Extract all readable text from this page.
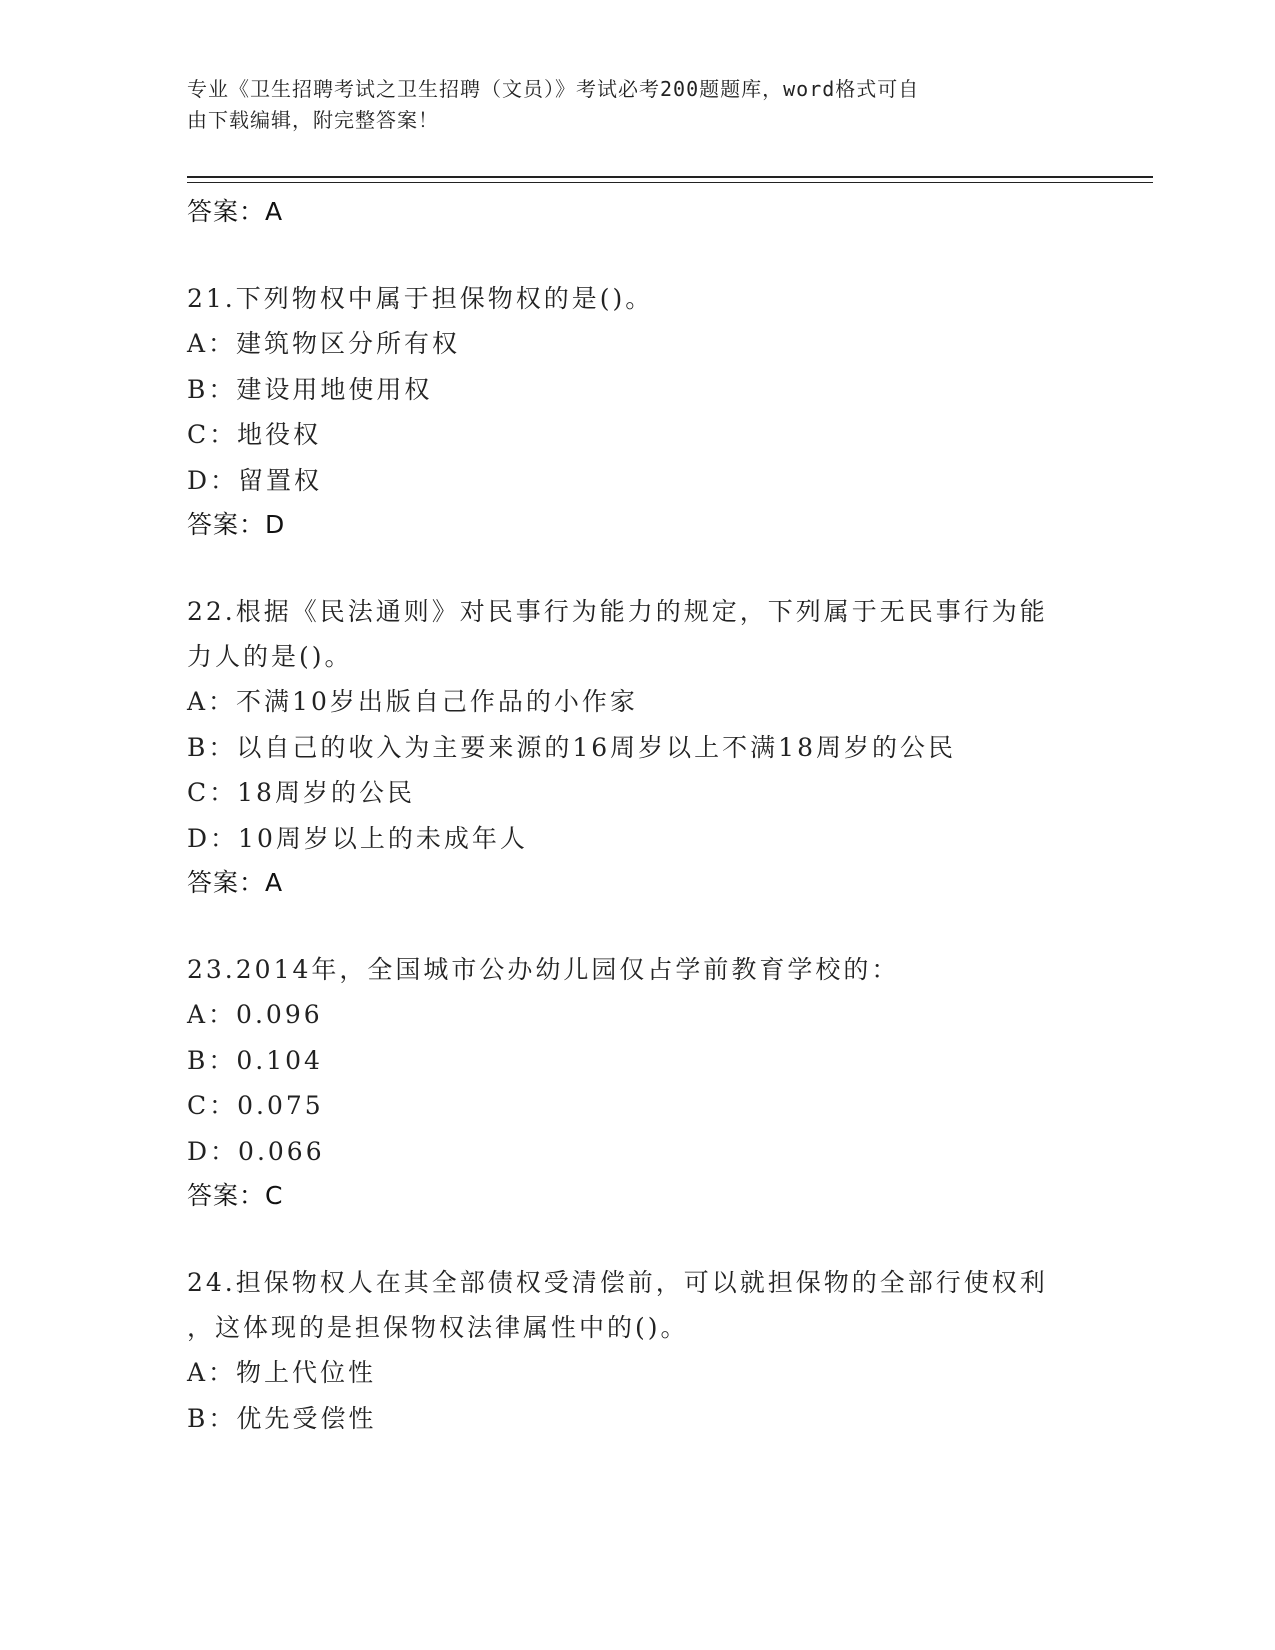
专业《卫生招聘考试之卫生招聘（文员）》考试必考200题题库，word格式可自
由下载编辑，附完整答案！
答案：A
21.下列物权中属于担保物权的是()。
A：建筑物区分所有权
B：建设用地使用权
C：地役权
D：留置权
答案：D
22.根据《民法通则》对民事行为能力的规定，下列属于无民事行为能
力人的是()。
A：不满10岁出版自己作品的小作家
B：以自己的收入为主要来源的16周岁以上不满18周岁的公民
C：18周岁的公民
D：10周岁以上的未成年人
答案：A
23.2014年，全国城市公办幼儿园仅占学前教育学校的：
A：0.096
B：0.104
C：0.075
D：0.066
答案：C
24.担保物权人在其全部债权受清偿前，可以就担保物的全部行使权利
，这体现的是担保物权法律属性中的()。
A：物上代位性
B：优先受偿性
